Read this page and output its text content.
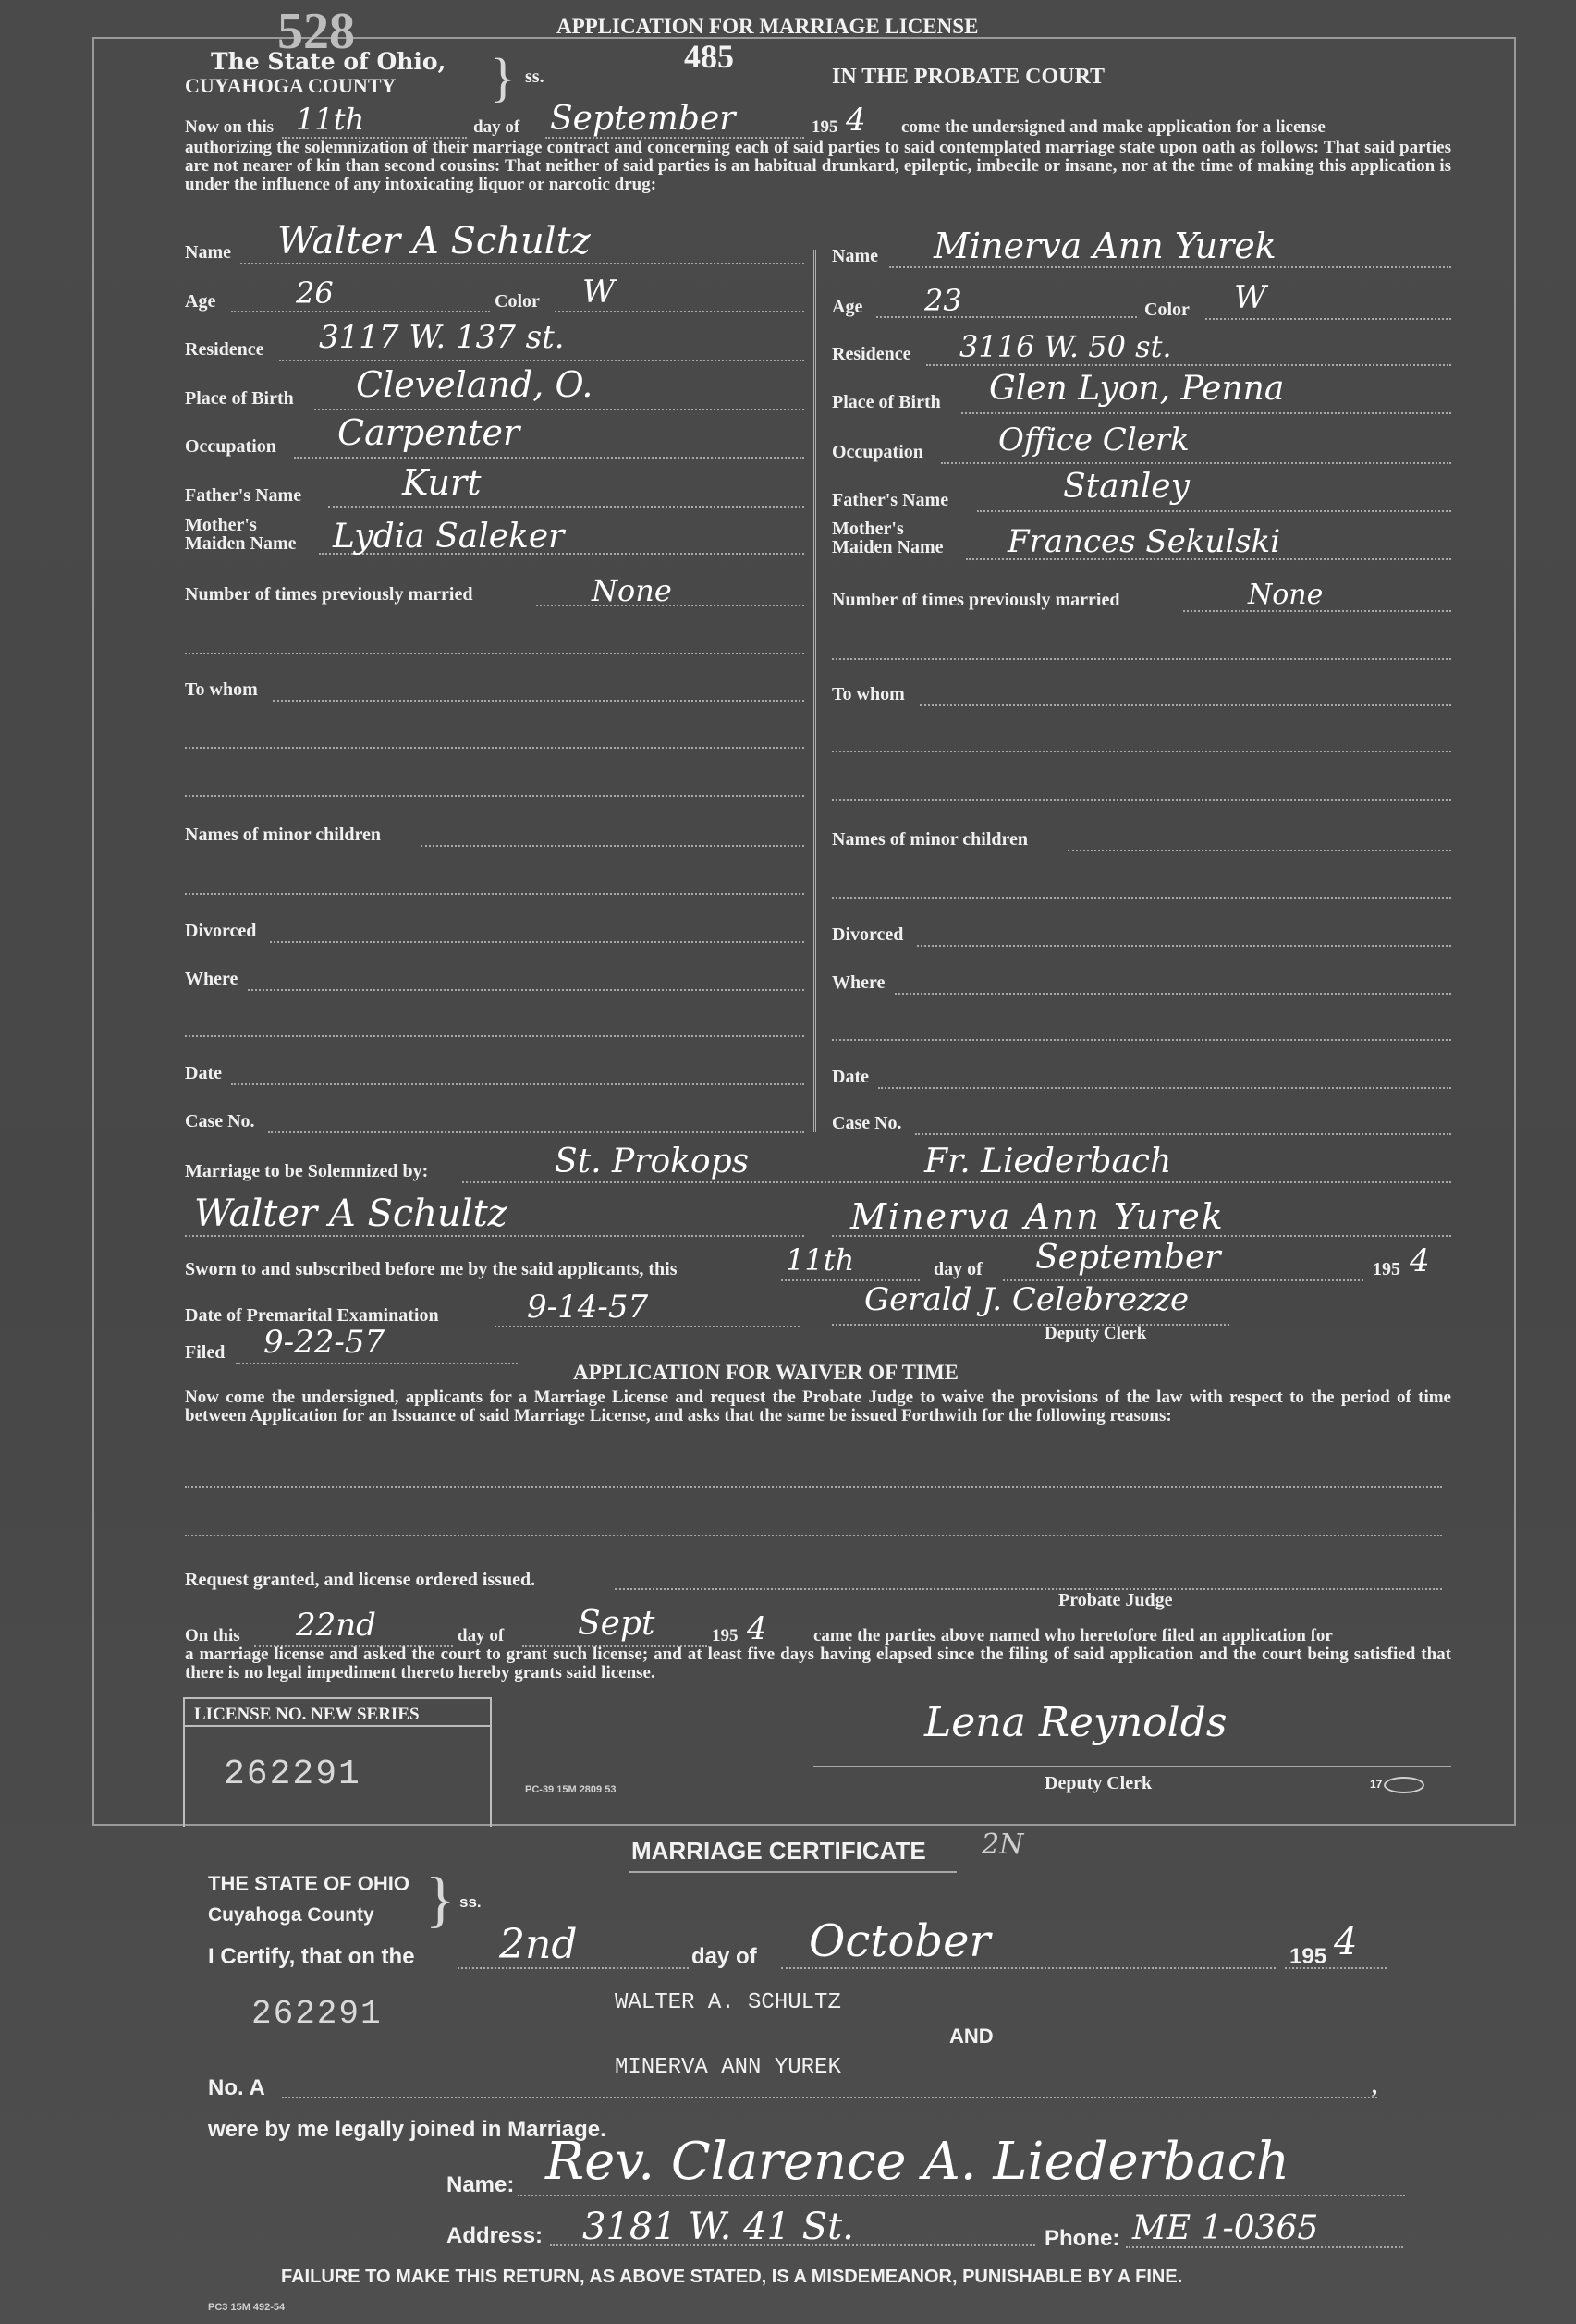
528	APPLICATION FOR MARRIAGE LICENSE
485
The State of Ohio,
CUYAHOGA COUNTY } ss.	IN THE PROBATE COURT
Now on this 11th	day of September	195 4 come the undersigned and make application for a license
authorizing the solemnization of their marriage contract and concerning each of said parties to said contemplated marriage state upon oath as follows: That said parties are not nearer of kin than second cousins: That neither of said parties is an habitual drunkard, epileptic, imbecile or insane, nor at the time of making this application is under the influence of any intoxicating liquor or narcotic drug:
Name Walter A Schultz
Age	26	Color W
Residence 3117 W. 137 st.
Place of Birth Cleveland, O.
Occupation Carpenter
Father's Name	Kurt
Mother's
Maiden Name Lydia Saleker
Number of times previously married	None
To whom
Names of minor children
Divorced
Where
Date
Case No.
Name Minerva Ann Yurek
Age 23	Color W
Residence 3116 W. 50 st.
Place of Birth Glen Lyon, Penna
Occupation Office Clerk
Father's Name	Stanley
Mother's
Maiden Name Frances Sekulski
Number of times previously married	None
To whom
Names of minor children
Divorced
Where
Date
Case No.
Marriage to be Solemnized by:	St. Prokops	Fr. Liederbach
Walter A Schultz	Minerva Ann Yurek
Sworn to and subscribed before me by the said applicants, this	11th	day of September	195 4
Date of Premarital Examination	9-14-57	Gerald J. Celebrezze
Deputy Clerk
Filed 9-22-57
APPLICATION FOR WAIVER OF TIME
Now come the undersigned, applicants for a Marriage License and request the Probate Judge to waive the provisions of the law with respect to the period of time between Application for an Issuance of said Marriage License, and asks that the same be issued Forthwith for the following reasons:
Request granted, and license ordered issued.
Probate Judge
On this 22nd	day of Sept	195 4	came the parties above named who heretofore filed an application for
a marriage license and asked the court to grant such license; and at least five days having elapsed since the filing of said application and the court being satisfied that there is no legal impediment thereto hereby grants said license.
LICENSE NO. NEW SERIES
262291	PC-39 15M 2809 53
Lena Reynolds
Deputy Clerk	17
MARRIAGE CERTIFICATE 2N
THE STATE OF OHIO
Cuyahoga County } ss.
I Certify, that on the 2nd	day of October	195 4
262291	WALTER A. SCHULTZ
AND
MINERVA ANN YUREK
No. A	,
were by me legally joined in Marriage.
Name: Rev. Clarence A. Liederbach
Address: 3181 W. 41 St.	Phone: ME 1-0365
FAILURE TO MAKE THIS RETURN, AS ABOVE STATED, IS A MISDEMEANOR, PUNISHABLE BY A FINE.
PC3 15M 492-54
